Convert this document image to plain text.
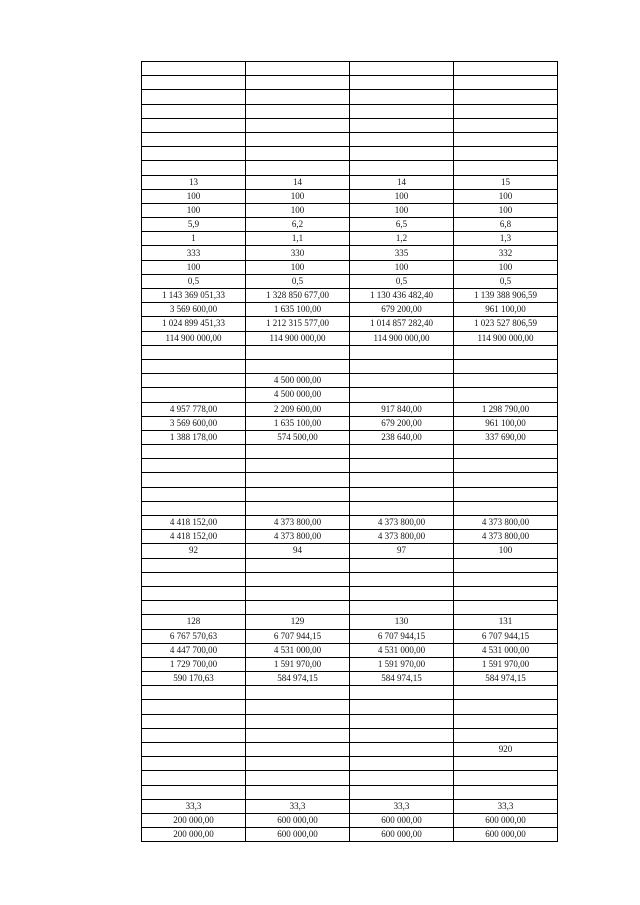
13	14	14	15
100	100	100	100
100	100	100	100
5,9	6,2	6,5	6,8
1	1,1	1,2	1,3
333	330	335	332
100	100	100	100
0,5	0,5	0,5	0,5
1 143 369 051,33	1 328 850 677,00	1 130 436 482,40	1 139 388 906,59
3 569 600,00	1 635 100,00	679 200,00	961 100,00
1 024 899 451,33	1 212 315 577,00	1 014 857 282,40	1 023 527 806,59
114 900 000,00	114 900 000,00	114 900 000,00	114 900 000,00

	4 500 000,00		
	4 500 000,00		
4 957 778,00	2 209 600,00	917 840,00	1 298 790,00
3 569 600,00	1 635 100,00	679 200,00	961 100,00
1 388 178,00	574 500,00	238 640,00	337 690,00

4 418 152,00	4 373 800,00	4 373 800,00	4 373 800,00
4 418 152,00	4 373 800,00	4 373 800,00	4 373 800,00
92	94	97	100

128	129	130	131
6 767 570,63	6 707 944,15	6 707 944,15	6 707 944,15
4 447 700,00	4 531 000,00	4 531 000,00	4 531 000,00
1 729 700,00	1 591 970,00	1 591 970,00	1 591 970,00
590 170,63	584 974,15	584 974,15	584 974,15

			920

33,3	33,3	33,3	33,3
200 000,00	600 000,00	600 000,00	600 000,00
200 000,00	600 000,00	600 000,00	600 000,00
